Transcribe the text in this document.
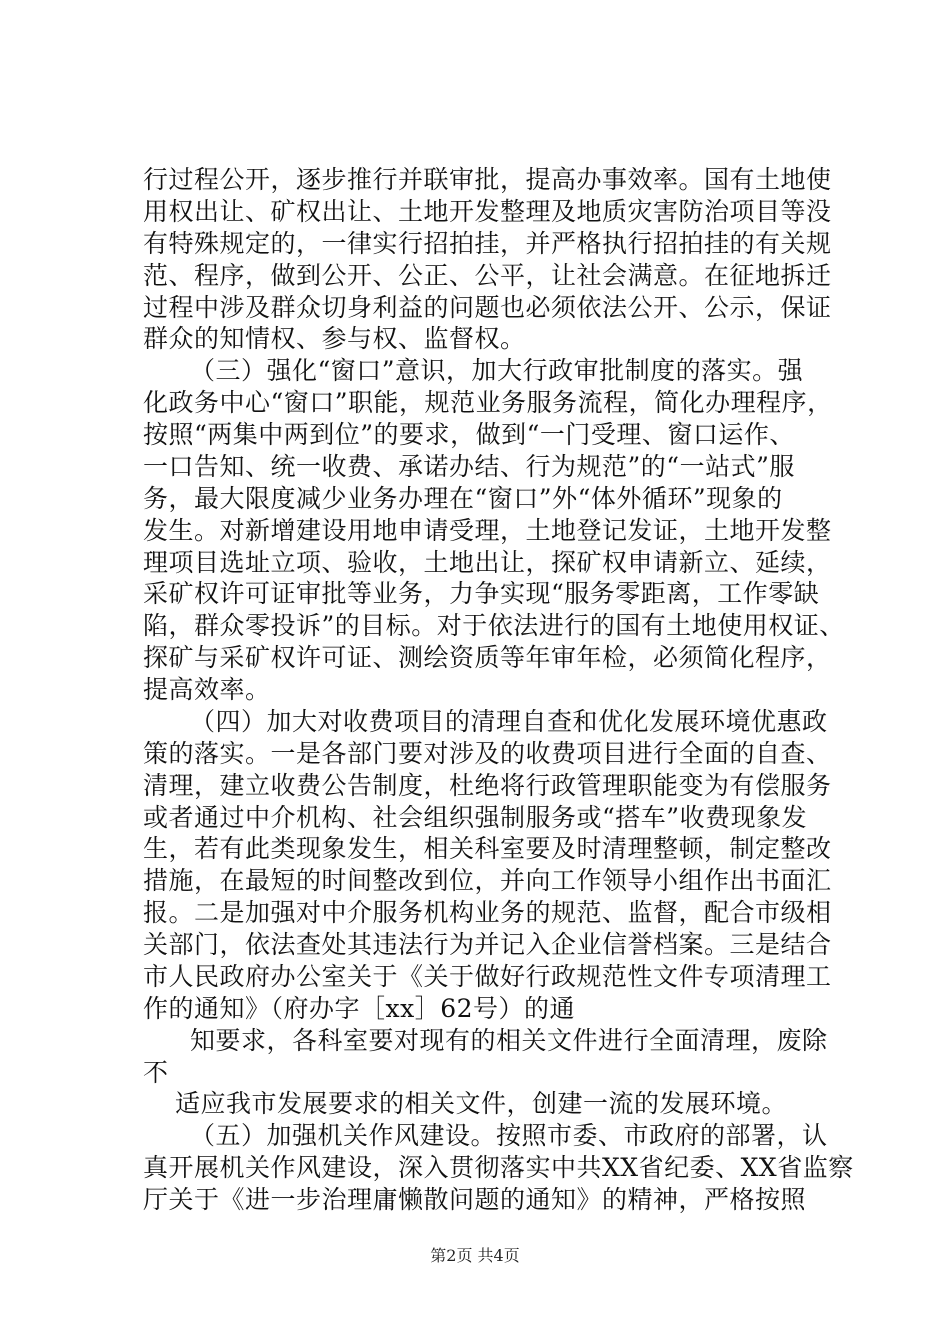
行过程公开，逐步推行并联审批，提高办事效率。国有土地使
用权出让、矿权出让、土地开发整理及地质灾害防治项目等没
有特殊规定的，一律实行招拍挂，并严格执行招拍挂的有关规
范、程序，做到公开、公正、公平，让社会满意。在征地拆迁
过程中涉及群众切身利益的问题也必须依法公开、公示，保证
群众的知情权、参与权、监督权。
（三）强化“窗口”意识，加大行政审批制度的落实。强
化政务中心“窗口”职能，规范业务服务流程，简化办理程序，
按照“两集中两到位”的要求，做到“一门受理、窗口运作、
一口告知、统一收费、承诺办结、行为规范”的“一站式”服
务，最大限度减少业务办理在“窗口”外“体外循环”现象的
发生。对新增建设用地申请受理，土地登记发证，土地开发整
理项目选址立项、验收，土地出让，探矿权申请新立、延续，
采矿权许可证审批等业务，力争实现“服务零距离，工作零缺
陷，群众零投诉”的目标。对于依法进行的国有土地使用权证、
探矿与采矿权许可证、测绘资质等年审年检，必须简化程序，
提高效率。
（四）加大对收费项目的清理自查和优化发展环境优惠政
策的落实。一是各部门要对涉及的收费项目进行全面的自查、
清理，建立收费公告制度，杜绝将行政管理职能变为有偿服务
或者通过中介机构、社会组织强制服务或“搭车”收费现象发
生，若有此类现象发生，相关科室要及时清理整顿，制定整改
措施，在最短的时间整改到位，并向工作领导小组作出书面汇
报。二是加强对中介服务机构业务的规范、监督，配合市级相
关部门，依法查处其违法行为并记入企业信誉档案。三是结合
市人民政府办公室关于《关于做好行政规范性文件专项清理工
作的通知》（府办字［xx］62号）的通
知要求，各科室要对现有的相关文件进行全面清理，废除
不
适应我市发展要求的相关文件，创建一流的发展环境。
（五）加强机关作风建设。按照市委、市政府的部署，认
真开展机关作风建设，深入贯彻落实中共XX省纪委、XX省监察
厅关于《进一步治理庸懒散问题的通知》的精神，严格按照
第2页 共4页
